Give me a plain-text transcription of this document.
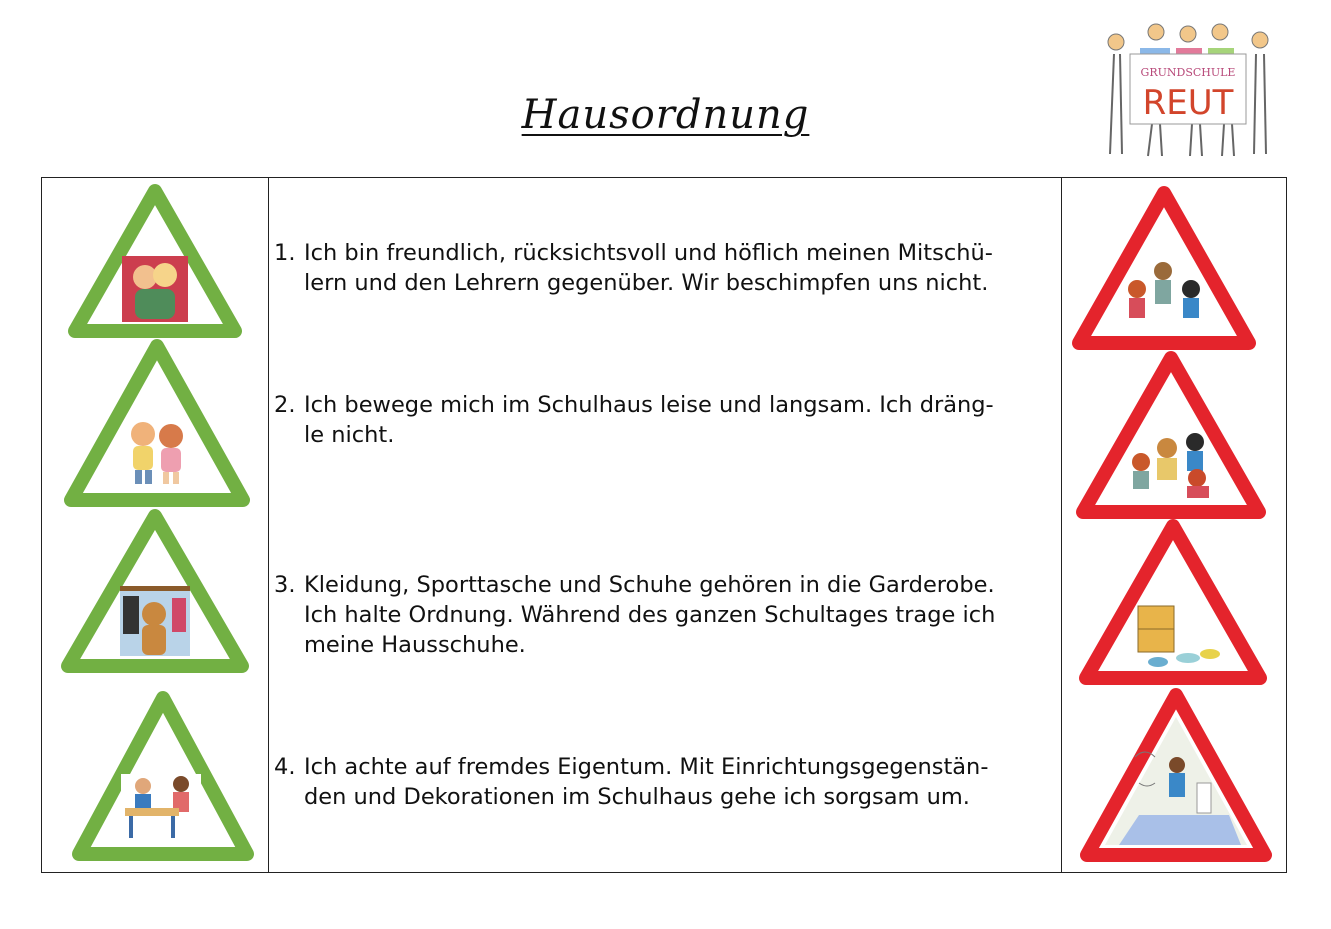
Hausordnung
GRUNDSCHULE
REUT
1. Ich bin freundlich, rücksichtsvoll und höflich meinen Mitschü-
lern und den Lehrern gegenüber. Wir beschimpfen uns nicht.
2. Ich bewege mich im Schulhaus leise und langsam. Ich dräng-
le nicht.
3. Kleidung, Sporttasche und Schuhe gehören in die Garderobe.
Ich halte Ordnung. Während des ganzen Schultages trage ich
meine Hausschuhe.
4. Ich achte auf fremdes Eigentum. Mit Einrichtungsgegenstän-
den und Dekorationen im Schulhaus gehe ich sorgsam um.
